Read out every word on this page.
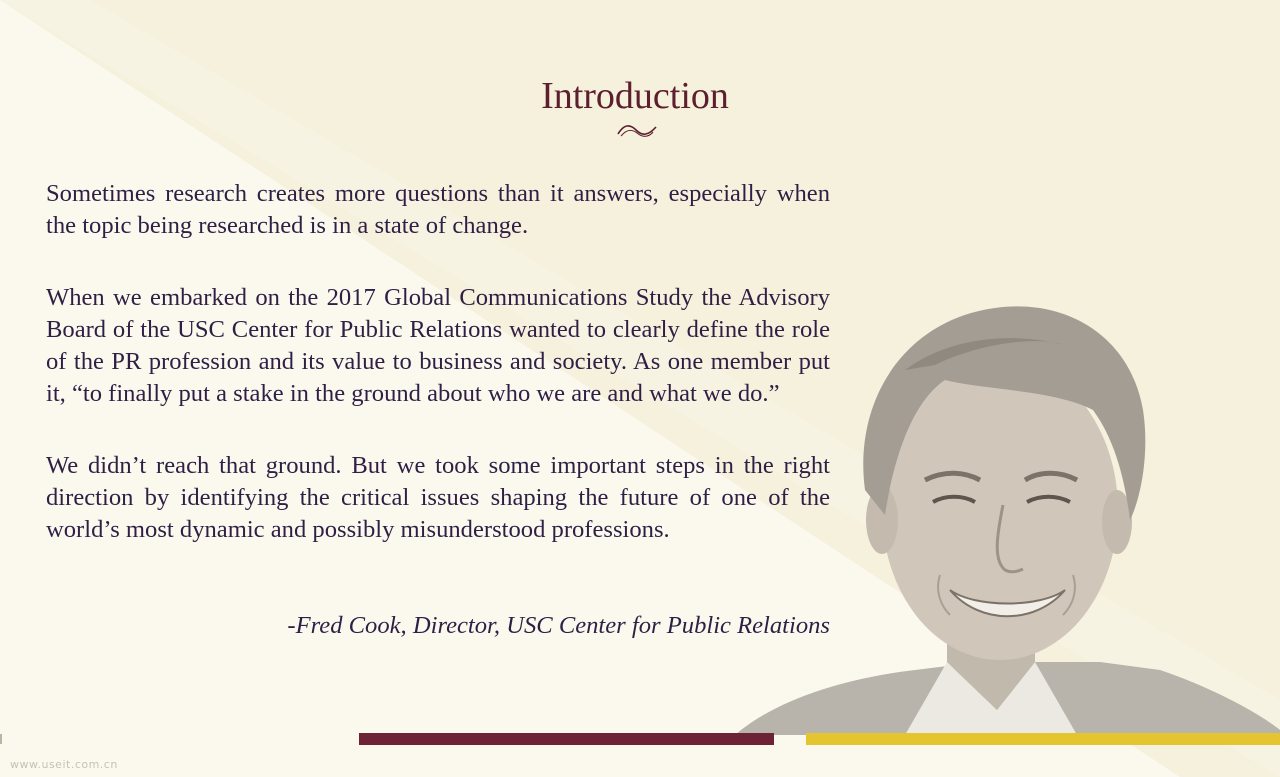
Introduction

Sometimes research creates more questions than it answers, especially when the topic being researched is in a state of change.

When we embarked on the 2017 Global Communications Study the Advisory Board of the USC Center for Public Relations wanted to clearly define the role of the PR profession and its value to business and society. As one member put it, “to finally put a stake in the ground about who we are and what we do.”

We didn’t reach that ground. But we took some important steps in the right direction by identifying the critical issues shaping the future of one of the world’s most dynamic and possibly misunderstood professions.

-Fred Cook, Director, USC Center for Public Relations
www.useit.com.cn
